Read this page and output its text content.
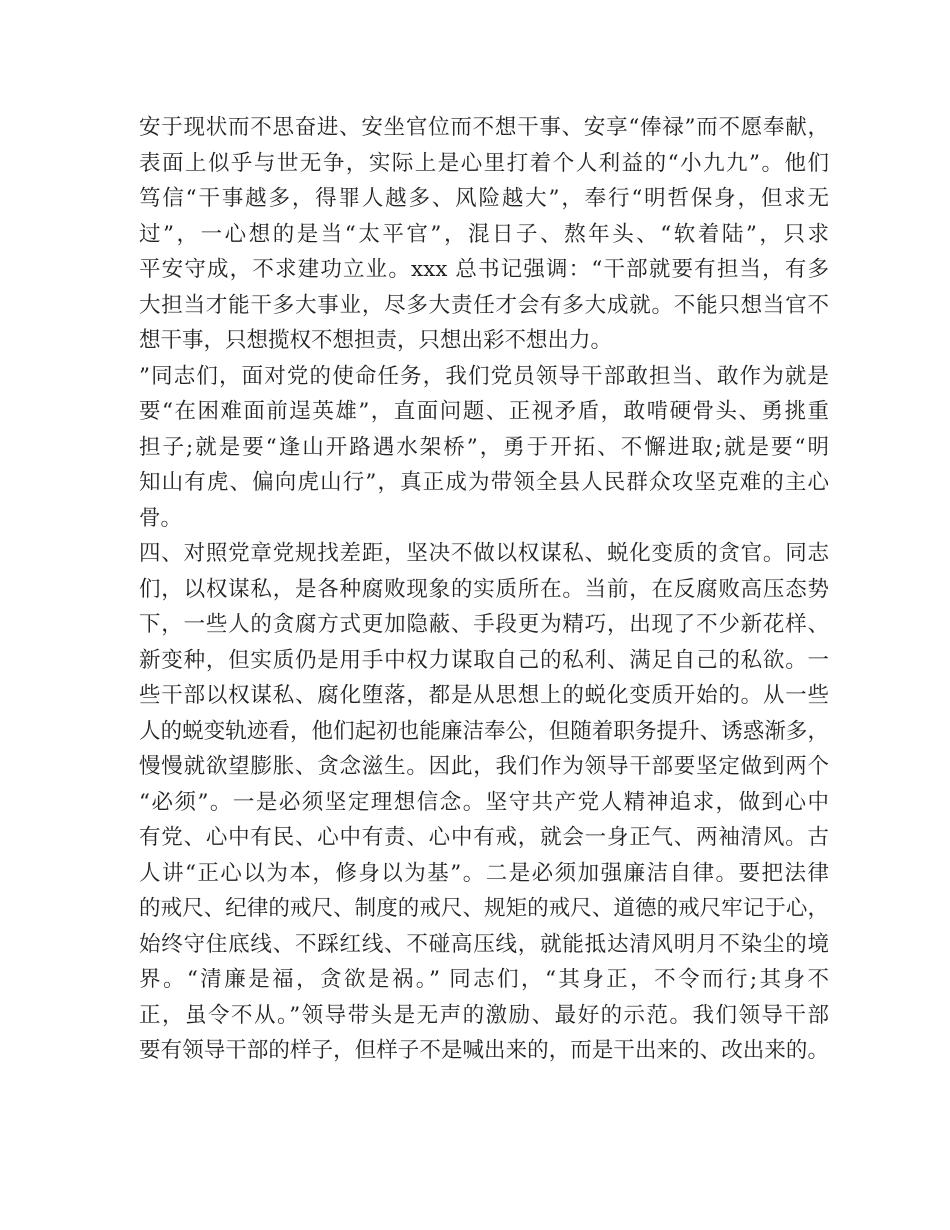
安于现状而不思奋进、安坐官位而不想干事、安享“俸禄”而不愿奉献，
表面上似乎与世无争，实际上是心里打着个人利益的“小九九”。他们
笃信“干事越多，得罪人越多、风险越大”，奉行“明哲保身，但求无
过”，一心想的是当“太平官”，混日子、熬年头、“软着陆”，只求
平安守成，不求建功立业。xxx 总书记强调：“干部就要有担当，有多
大担当才能干多大事业，尽多大责任才会有多大成就。不能只想当官不
想干事，只想揽权不想担责，只想出彩不想出力。
”同志们，面对党的使命任务，我们党员领导干部敢担当、敢作为就是
要“在困难面前逞英雄”，直面问题、正视矛盾，敢啃硬骨头、勇挑重
担子;就是要“逢山开路遇水架桥”，勇于开拓、不懈进取;就是要“明
知山有虎、偏向虎山行”，真正成为带领全县人民群众攻坚克难的主心
骨。
四、对照党章党规找差距，坚决不做以权谋私、蜕化变质的贪官。同志
们，以权谋私，是各种腐败现象的实质所在。当前，在反腐败高压态势
下，一些人的贪腐方式更加隐蔽、手段更为精巧，出现了不少新花样、
新变种，但实质仍是用手中权力谋取自己的私利、满足自己的私欲。一
些干部以权谋私、腐化堕落，都是从思想上的蜕化变质开始的。从一些
人的蜕变轨迹看，他们起初也能廉洁奉公，但随着职务提升、诱惑渐多，
慢慢就欲望膨胀、贪念滋生。因此，我们作为领导干部要坚定做到两个
“必须”。一是必须坚定理想信念。坚守共产党人精神追求，做到心中
有党、心中有民、心中有责、心中有戒，就会一身正气、两袖清风。古
人讲“正心以为本，修身以为基”。二是必须加强廉洁自律。要把法律
的戒尺、纪律的戒尺、制度的戒尺、规矩的戒尺、道德的戒尺牢记于心，
始终守住底线、不踩红线、不碰高压线，就能抵达清风明月不染尘的境
界。“清廉是福，贪欲是祸。” 同志们，“其身正，不令而行;其身不
正，虽令不从。”领导带头是无声的激励、最好的示范。我们领导干部
要有领导干部的样子，但样子不是喊出来的，而是干出来的、改出来的。
